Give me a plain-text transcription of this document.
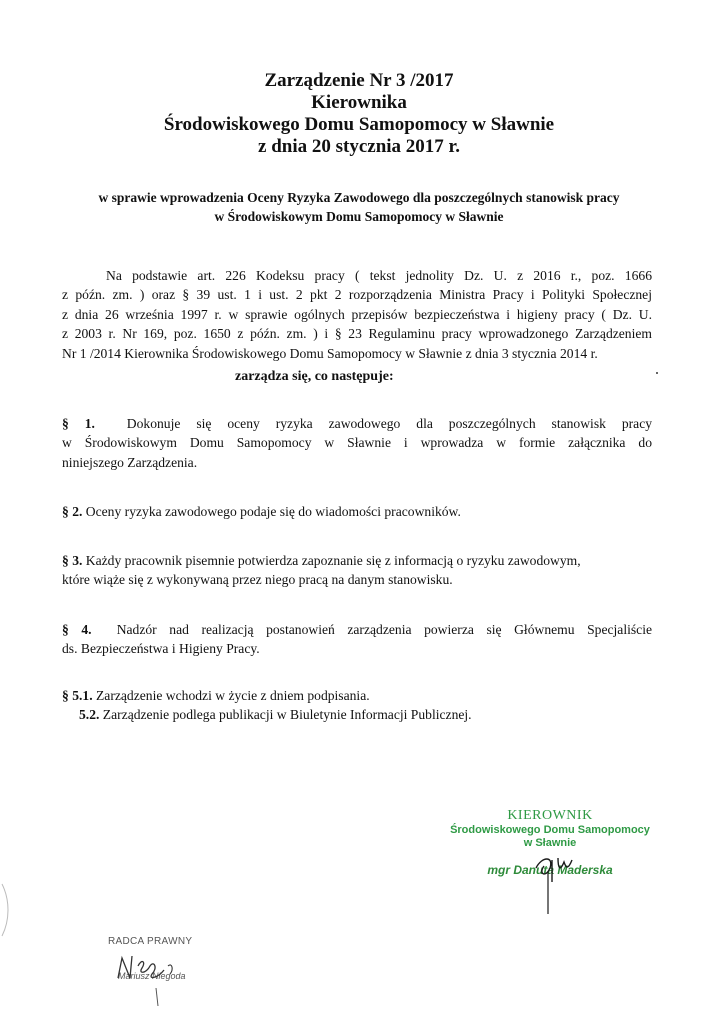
Zarządzenie Nr 3 /2017
Kierownika
Środowiskowego Domu Samopomocy w Sławnie
z dnia 20 stycznia 2017 r.
w sprawie wprowadzenia Oceny Ryzyka Zawodowego dla poszczególnych stanowisk pracy
w Środowiskowym Domu Samopomocy w Sławnie
Na podstawie art. 226 Kodeksu pracy ( tekst jednolity Dz. U. z 2016 r., poz. 1666
z późn. zm. ) oraz § 39 ust. 1 i ust. 2 pkt 2 rozporządzenia Ministra Pracy i Polityki Społecznej
z dnia 26 września 1997 r. w sprawie ogólnych przepisów bezpieczeństwa i higieny pracy ( Dz. U.
z 2003 r. Nr 169, poz. 1650 z późn. zm. ) i § 23 Regulaminu pracy wprowadzonego Zarządzeniem
Nr 1 /2014 Kierownika Środowiskowego Domu Samopomocy w Sławnie z dnia 3 stycznia 2014 r.
zarządza się, co następuje:
§ 1. Dokonuje się oceny ryzyka zawodowego dla poszczególnych stanowisk pracy
w Środowiskowym Domu Samopomocy w Sławnie i wprowadza w formie załącznika do
niniejszego Zarządzenia.
§ 2. Oceny ryzyka zawodowego podaje się do wiadomości pracowników.
§ 3. Każdy pracownik pisemnie potwierdza zapoznanie się z informacją o ryzyku zawodowym,
które wiąże się z wykonywaną przez niego pracą na danym stanowisku.
§ 4. Nadzór nad realizacją postanowień zarządzenia powierza się Głównemu Specjaliście
ds. Bezpieczeństwa i Higieny Pracy.
§ 5.1. Zarządzenie wchodzi w życie z dniem podpisania.
5.2. Zarządzenie podlega publikacji w Biuletynie Informacji Publicznej.
KIEROWNIK
Środowiskowego Domu Samopomocy
w Sławnie
mgr Danuta Maderska
RADCA PRAWNY
Mariusz Niegoda
